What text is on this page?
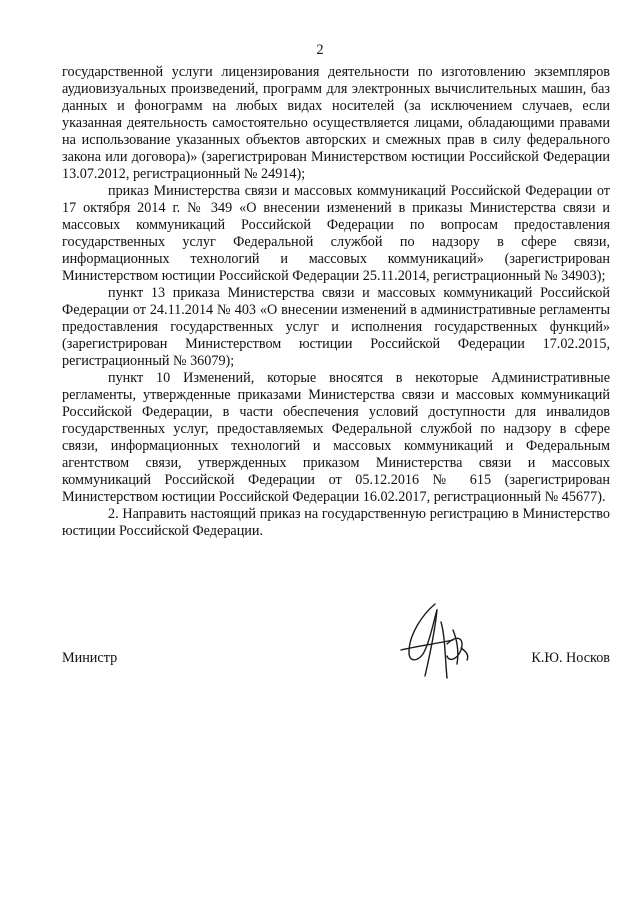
2

государственной услуги лицензирования деятельности по изготовлению экземпляров аудиовизуальных произведений, программ для электронных вычислительных машин, баз данных и фонограмм на любых видах носителей (за исключением случаев, если указанная деятельность самостоятельно осуществляется лицами, обладающими правами на использование указанных объектов авторских и смежных прав в силу федерального закона или договора)» (зарегистрирован Министерством юстиции Российской Федерации 13.07.2012, регистрационный № 24914);

приказ Министерства связи и массовых коммуникаций Российской Федерации от 17 октября 2014 г. № 349 «О внесении изменений в приказы Министерства связи и массовых коммуникаций Российской Федерации по вопросам предоставления государственных услуг Федеральной службой по надзору в сфере связи, информационных технологий и массовых коммуникаций» (зарегистрирован Министерством юстиции Российской Федерации 25.11.2014, регистрационный № 34903);

пункт 13 приказа Министерства связи и массовых коммуникаций Российской Федерации от 24.11.2014 № 403 «О внесении изменений в административные регламенты предоставления государственных услуг и исполнения государственных функций» (зарегистрирован Министерством юстиции Российской Федерации 17.02.2015, регистрационный № 36079);

пункт 10 Изменений, которые вносятся в некоторые Административные регламенты, утвержденные приказами Министерства связи и массовых коммуникаций Российской Федерации, в части обеспечения условий доступности для инвалидов государственных услуг, предоставляемых Федеральной службой по надзору в сфере связи, информационных технологий и массовых коммуникаций и Федеральным агентством связи, утвержденных приказом Министерства связи и массовых коммуникаций Российской Федерации от 05.12.2016 № 615 (зарегистрирован Министерством юстиции Российской Федерации 16.02.2017, регистрационный № 45677).

2. Направить настоящий приказ на государственную регистрацию в Министерство юстиции Российской Федерации.

Министр	К.Ю. Носков
